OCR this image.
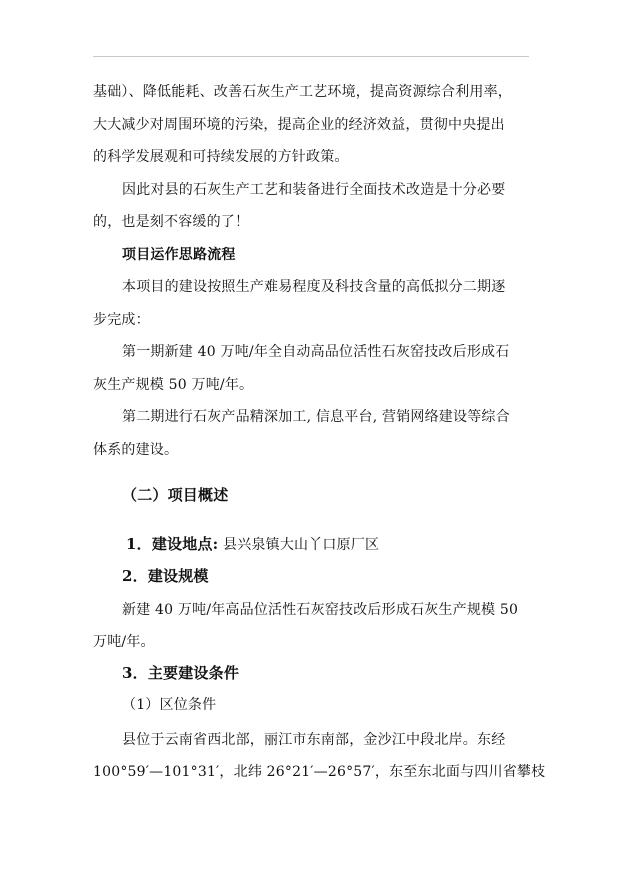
基础）、降低能耗、改善石灰生产工艺环境，提高资源综合利用率，
大大减少对周围环境的污染，提高企业的经济效益，贯彻中央提出
的科学发展观和可持续发展的方针政策。
因此对县的石灰生产工艺和装备进行全面技术改造是十分必要
的，也是刻不容缓的了！
项目运作思路流程
本项目的建设按照生产难易程度及科技含量的高低拟分二期逐
步完成：
第一期新建 40 万吨/年全自动高品位活性石灰窑技改后形成石
灰生产规模 50 万吨/年。
第二期进行石灰产品精深加工, 信息平台, 营销网络建设等综合
体系的建设。
（二）项目概述
1．建设地点: 县兴泉镇大山丫口原厂区
2．建设规模
新建 40 万吨/年高品位活性石灰窑技改后形成石灰生产规模 50
万吨/年。
3．主要建设条件
（1）区位条件
县位于云南省西北部，丽江市东南部，金沙江中段北岸。东经
100°59′—101°31′，北纬 26°21′—26°57′，东至东北面与四川省攀枝
